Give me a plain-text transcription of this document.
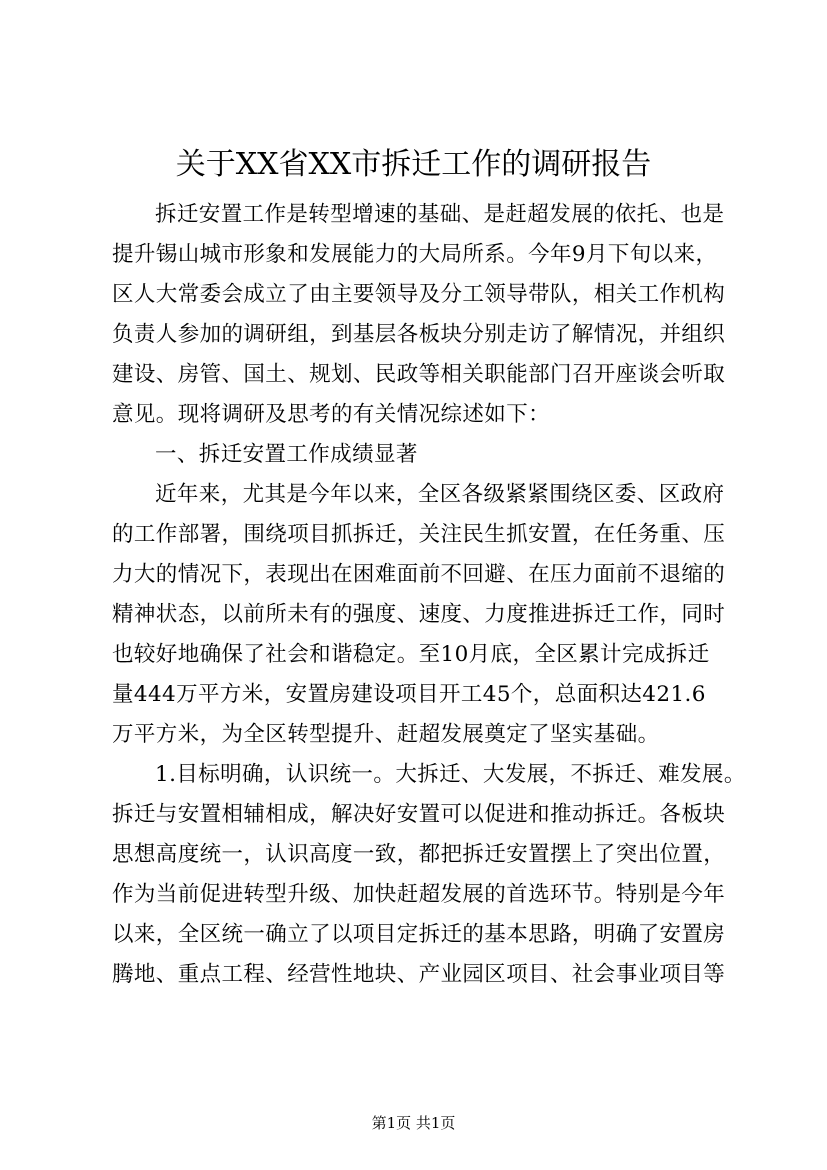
关于XX省XX市拆迁工作的调研报告
拆迁安置工作是转型增速的基础、是赶超发展的依托、也是
提升锡山城市形象和发展能力的大局所系。今年9月下旬以来，
区人大常委会成立了由主要领导及分工领导带队，相关工作机构
负责人参加的调研组，到基层各板块分别走访了解情况，并组织
建设、房管、国土、规划、民政等相关职能部门召开座谈会听取
意见。现将调研及思考的有关情况综述如下：
一、拆迁安置工作成绩显著
近年来，尤其是今年以来，全区各级紧紧围绕区委、区政府
的工作部署，围绕项目抓拆迁，关注民生抓安置，在任务重、压
力大的情况下，表现出在困难面前不回避、在压力面前不退缩的
精神状态，以前所未有的强度、速度、力度推进拆迁工作，同时
也较好地确保了社会和谐稳定。至10月底，全区累计完成拆迁
量444万平方米，安置房建设项目开工45个，总面积达421.6
万平方米，为全区转型提升、赶超发展奠定了坚实基础。
1.目标明确，认识统一。大拆迁、大发展，不拆迁、难发展。
拆迁与安置相辅相成，解决好安置可以促进和推动拆迁。各板块
思想高度统一，认识高度一致，都把拆迁安置摆上了突出位置，
作为当前促进转型升级、加快赶超发展的首选环节。特别是今年
以来，全区统一确立了以项目定拆迁的基本思路，明确了安置房
腾地、重点工程、经营性地块、产业园区项目、社会事业项目等
第1页 共1页
